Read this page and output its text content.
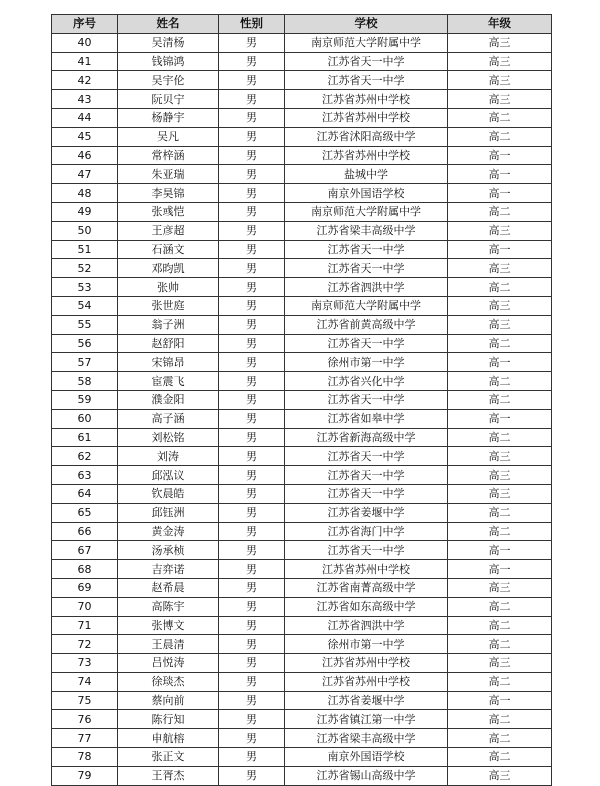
序号	姓名	性别	学校	年级
40	吴清杨	男	南京师范大学附属中学	高三
41	钱锦鸿	男	江苏省天一中学	高三
42	吴宇伦	男	江苏省天一中学	高三
43	阮贝宁	男	江苏省苏州中学校	高三
44	杨静宇	男	江苏省苏州中学校	高二
45	吴凡	男	江苏省沭阳高级中学	高二
46	常梓涵	男	江苏省苏州中学校	高一
47	朱亚瑞	男	盐城中学	高一
48	李昊锦	男	南京外国语学校	高一
49	张彧恺	男	南京师范大学附属中学	高二
50	王彦超	男	江苏省梁丰高级中学	高三
51	石涵文	男	江苏省天一中学	高一
52	邓昀凯	男	江苏省天一中学	高三
53	张帅	男	江苏省泗洪中学	高二
54	张世庭	男	南京师范大学附属中学	高三
55	翁子洲	男	江苏省前黄高级中学	高三
56	赵舒阳	男	江苏省天一中学	高二
57	宋锦昂	男	徐州市第一中学	高一
58	宦震飞	男	江苏省兴化中学	高二
59	濮金阳	男	江苏省天一中学	高二
60	高子涵	男	江苏省如皋中学	高一
61	刘松铭	男	江苏省新海高级中学	高二
62	刘涛	男	江苏省天一中学	高三
63	邱泓议	男	江苏省天一中学	高三
64	钦晨皓	男	江苏省天一中学	高三
65	邱钰洲	男	江苏省姜堰中学	高二
66	黄金涛	男	江苏省海门中学	高二
67	汤承桢	男	江苏省天一中学	高一
68	吉弈诺	男	江苏省苏州中学校	高一
69	赵希晨	男	江苏省南菁高级中学	高三
70	高陈宇	男	江苏省如东高级中学	高二
71	张博文	男	江苏省泗洪中学	高二
72	王晨清	男	徐州市第一中学	高二
73	吕悦涛	男	江苏省苏州中学校	高三
74	徐琰杰	男	江苏省苏州中学校	高二
75	蔡向前	男	江苏省姜堰中学	高一
76	陈行知	男	江苏省镇江第一中学	高二
77	申航榕	男	江苏省梁丰高级中学	高二
78	张正文	男	南京外国语学校	高二
79	王胥杰	男	江苏省锡山高级中学	高三
